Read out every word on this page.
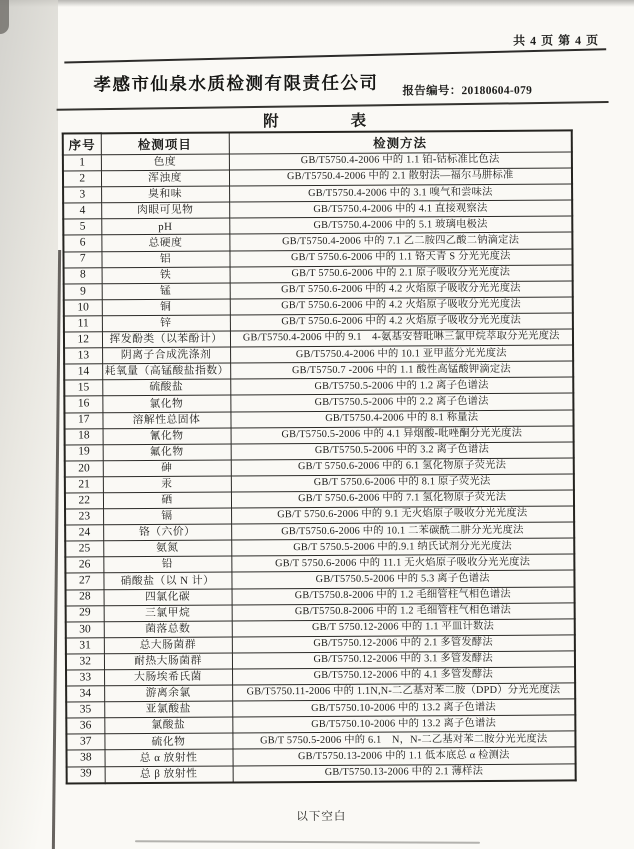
共 4 页 第 4 页
孝感市仙泉水质检测有限责任公司 报告编号：20180604-079
附　　　　表
序号	检测项目	检测方法
1	色度	GB/T5750.4-2006 中的 1.1 铂-钴标准比色法
2	浑浊度	GB/T5750.4-2006 中的 2.1 散射法—福尔马肼标准
3	臭和味	GB/T5750.4-2006 中的 3.1 嗅气和尝味法
4	肉眼可见物	GB/T5750.4-2006 中的 4.1 直接观察法
5	pH	GB/T5750.4-2006 中的 5.1 玻璃电极法
6	总硬度	GB/T5750.4-2006 中的 7.1 乙二胺四乙酸二钠滴定法
7	铝	GB/T 5750.6-2006 中的 1.1 铬天青 S 分光光度法
8	铁	GB/T 5750.6-2006 中的 2.1 原子吸收分光光度法
9	锰	GB/T 5750.6-2006 中的 4.2 火焰原子吸收分光光度法
10	铜	GB/T 5750.6-2006 中的 4.2 火焰原子吸收分光光度法
11	锌	GB/T 5750.6-2006 中的 4.2 火焰原子吸收分光光度法
12	挥发酚类（以苯酚计）	GB/T5750.4-2006 中的 9.1　4-氨基安替吡啉三氯甲烷萃取分光光度法
13	阴离子合成洗涤剂	GB/T5750.4-2006 中的 10.1 亚甲蓝分光光度法
14	耗氧量（高锰酸盐指数）	GB/T5750.7 -2006 中的 1.1 酸性高锰酸钾滴定法
15	硫酸盐	GB/T5750.5-2006 中的 1.2 离子色谱法
16	氯化物	GB/T5750.5-2006 中的 2.2 离子色谱法
17	溶解性总固体	GB/T5750.4-2006 中的 8.1 称量法
18	氰化物	GB/T5750.5-2006 中的 4.1 异烟酸-吡唑酮分光光度法
19	氟化物	GB/T5750.5-2006 中的 3.2 离子色谱法
20	砷	GB/T 5750.6-2006 中的 6.1 氢化物原子荧光法
21	汞	GB/T 5750.6-2006 中的 8.1 原子荧光法
22	硒	GB/T 5750.6-2006 中的 7.1 氢化物原子荧光法
23	镉	GB/T 5750.6-2006 中的 9.1 无火焰原子吸收分光光度法
24	铬（六价）	GB/T5750.6-2006 中的 10.1 二苯碳酰二肼分光光度法
25	氨氮	GB/T 5750.5-2006 中的.9.1 纳氏试剂分光光度法
26	铅	GB/T 5750.6-2006 中的 11.1 无火焰原子吸收分光光度法
27	硝酸盐（以 N 计）	GB/T5750.5-2006 中的 5.3 离子色谱法
28	四氯化碳	GB/T5750.8-2006 中的 1.2 毛细管柱气相色谱法
29	三氯甲烷	GB/T5750.8-2006 中的 1.2 毛细管柱气相色谱法
30	菌落总数	GB/T 5750.12-2006 中的 1.1 平皿计数法
31	总大肠菌群	GB/T5750.12-2006 中的 2.1 多管发酵法
32	耐热大肠菌群	GB/T5750.12-2006 中的 3.1 多管发酵法
33	大肠埃希氏菌	GB/T5750.12-2006 中的 4.1 多管发酵法
34	游离余氯	GB/T5750.11-2006 中的 1.1N,N-二乙基对苯二胺（DPD）分光光度法
35	亚氯酸盐	GB/T5750.10-2006 中的 13.2 离子色谱法
36	氯酸盐	GB/T5750.10-2006 中的 13.2 离子色谱法
37	硫化物	GB/T 5750.5-2006 中的 6.1　N，N-二乙基对苯二胺分光光度法
38	总 α 放射性	GB/T5750.13-2006 中的 1.1 低本底总 α 检测法
39	总 β 放射性	GB/T5750.13-2006 中的 2.1 薄样法
以下空白
